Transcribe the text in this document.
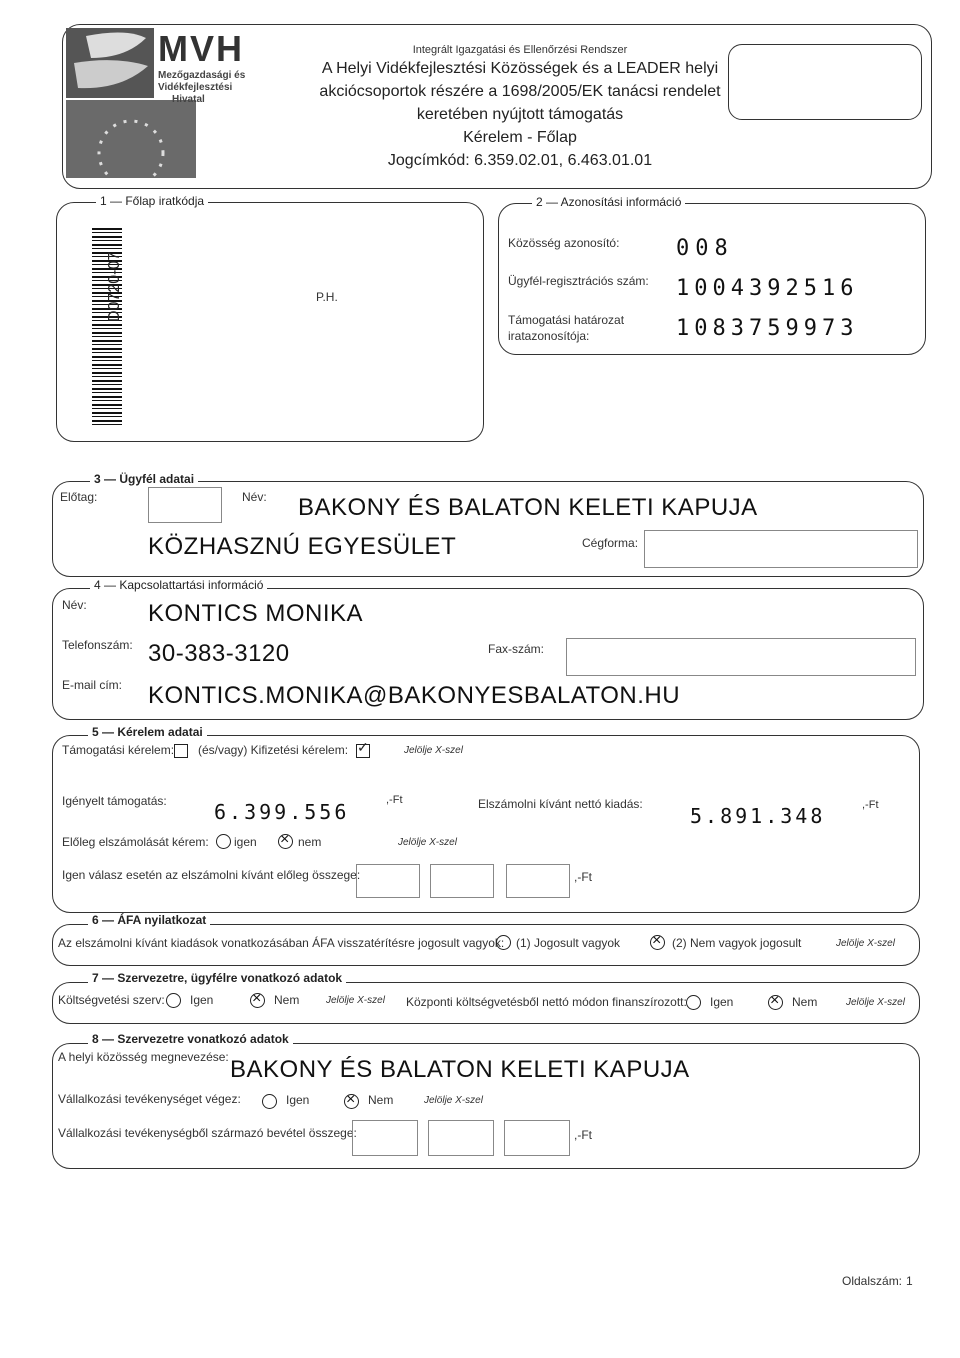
MVH
Mezőgazdasági és
Vidékfejlesztési
Hivatal
Integrált Igazgatási és Ellenőrzési Rendszer
A Helyi Vidékfejlesztési Közösségek és a LEADER helyi
akciócsoportok részére a 1698/2005/EK tanácsi rendelet
keretében nyújtott támogatás
Kérelem - Főlap
Jogcímkód: 6.359.02.01, 6.463.01.01
1 — Főlap iratkódja
D0720-07	P.H.
2 — Azonosítási információ
Közösség azonosító:	008
Ügyfél-regisztrációs szám: 1004392516
Támogatási határozat
iratazonosítója:	1083759973
3 — Ügyfél adatai
Előtag:	Név: BAKONY ÉS BALATON KELETI KAPUJA
KÖZHASZNÚ EGYESÜLET	Cégforma:
4 — Kapcsolattartási információ
Név:	KONTICS MONIKA
Telefonszám: 30-383-3120	Fax-szám:
E-mail cím: KONTICS.MONIKA@BAKONYESBALATON.HU
5 — Kérelem adatai
Támogatási kérelem: (és/vagy) Kifizetési kérelem: ✓	Jelölje X-szel
Igényelt támogatás: 6.399.556	,-Ft	Elszámolni kívánt nettó kiadás: 5.891.348	,-Ft
Előleg elszámolását kérem: igen ×	nem	Jelölje X-szel
Igen válasz esetén az elszámolni kívánt előleg összege:	,-Ft
6 — ÁFA nyilatkozat
Az elszámolni kívánt kiadások vonatkozásában ÁFA visszatérítésre jogosult vagyok: (1) Jogosult vagyok ×	(2) Nem vagyok jogosult	Jelölje X-szel
7 — Szervezetre, ügyfélre vonatkozó adatok
Költségvetési szerv: Igen ×	Nem	Jelölje X-szel Központi költségvetésből nettó módon finanszírozott: Igen ×	Nem	Jelölje X-szel
8 — Szervezetre vonatkozó adatok
A helyi közösség megnevezése: BAKONY ÉS BALATON KELETI KAPUJA
Vállalkozási tevékenységet végez:	Igen ×	Nem	Jelölje X-szel
Vállalkozási tevékenységből származó bevétel összege:	,-Ft
Oldalszám: 1
